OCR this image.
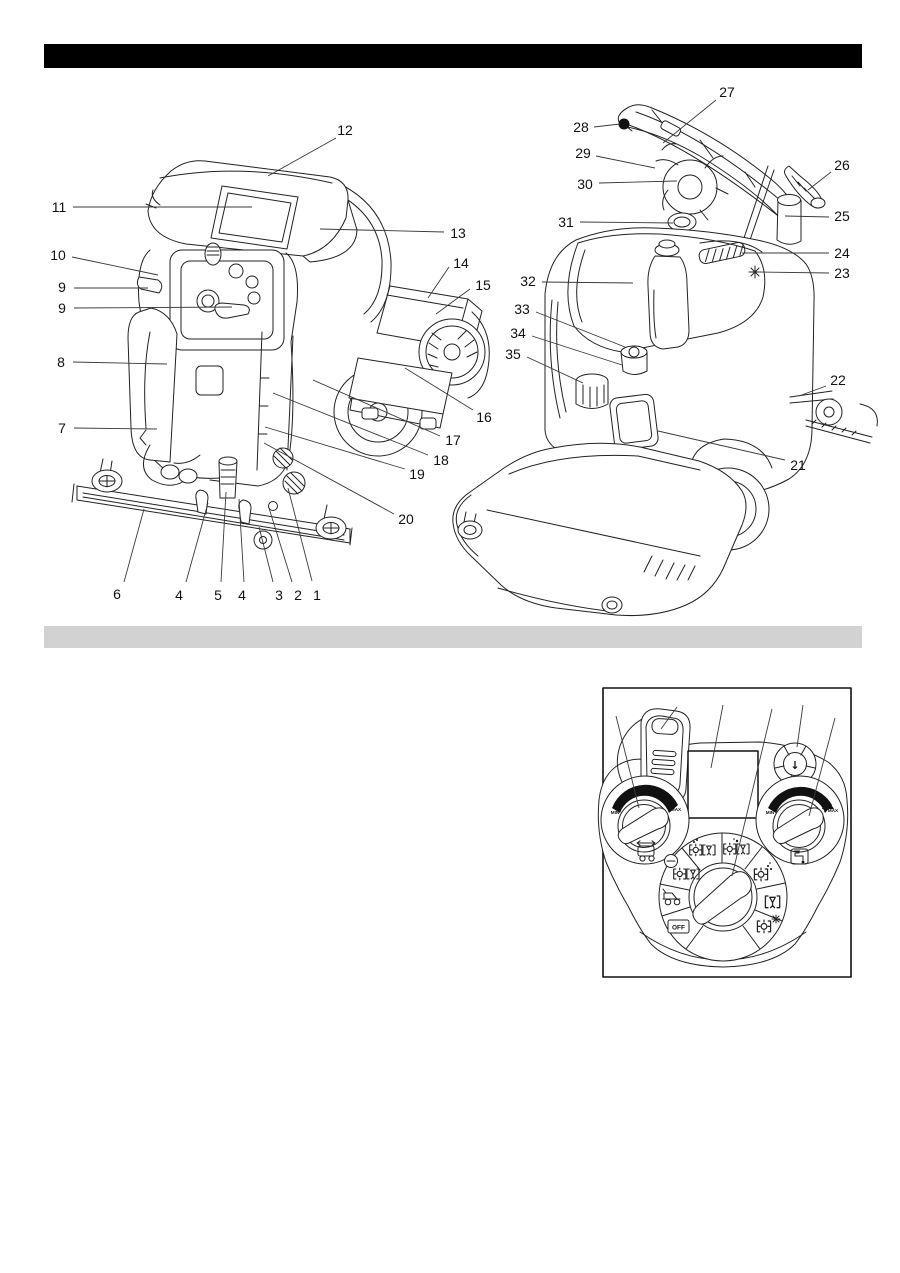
↓
MIN
MAX
MIN	MAX
OFF
12
11
10
9
9
8
7
13
14
15
16
17
18
19
20
6	4 5 4 3 2 1
27
28
29
30
26
31	25
24
23
32
33
34
35
22
21
